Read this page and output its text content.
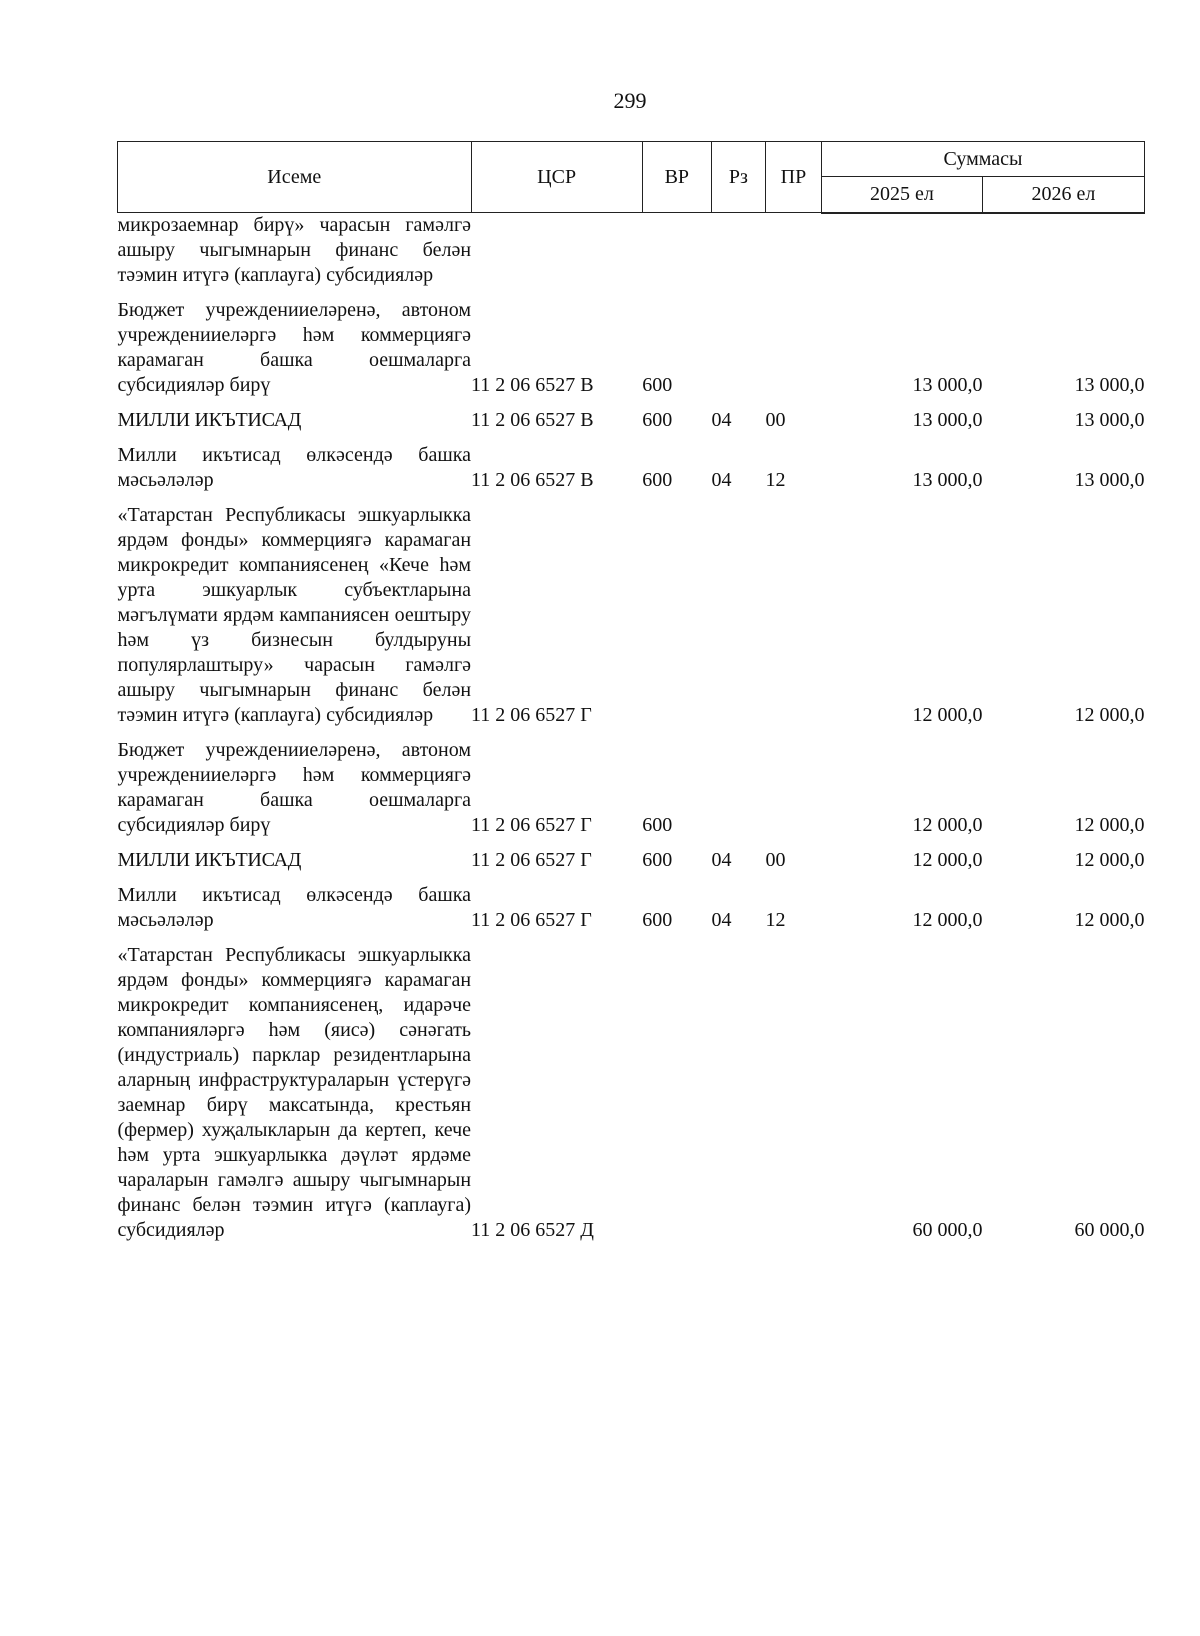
299
Исеме	ЦСР	ВР	Рз	ПР	Суммасы	
					2025 ел	2026 ел
микрозаемнар бирү» чарасын гамәлгә ашыру чыгымнарын финанс белән тәэмин итүгә (каплауга) субсидияләр						
Бюджет учрежденииеләренә, автоном учрежденииеләргә һәм коммерциягә карамаган башка оешмаларга субсидияләр бирү	11 2 06 6527 В	600			13 000,0	13 000,0
МИЛЛИ ИКЪТИСАД	11 2 06 6527 В	600	04	00	13 000,0	13 000,0
Милли икътисад өлкәсендә башка мәсьәләләр	11 2 06 6527 В	600	04	12	13 000,0	13 000,0
«Татарстан Республикасы эшкуарлыкка ярдәм фонды» коммерциягә карамаган микрокредит компаниясенең «Кече һәм урта эшкуарлык субъектларына мәгълүмати ярдәм кампаниясен оештыру һәм үз бизнесын булдыруны популярлаштыру» чарасын гамәлгә ашыру чыгымнарын финанс белән тәэмин итүгә (каплауга) субсидияләр	11 2 06 6527 Г				12 000,0	12 000,0
Бюджет учрежденииеләренә, автоном учрежденииеләргә һәм коммерциягә карамаган башка оешмаларга субсидияләр бирү	11 2 06 6527 Г	600			12 000,0	12 000,0
МИЛЛИ ИКЪТИСАД	11 2 06 6527 Г	600	04	00	12 000,0	12 000,0
Милли икътисад өлкәсендә башка мәсьәләләр	11 2 06 6527 Г	600	04	12	12 000,0	12 000,0
«Татарстан Республикасы эшкуарлыкка ярдәм фонды» коммерциягә карамаган микрокредит компаниясенең, идарәче компанияләргә һәм (яисә) сәнәгать (индустриаль) парклар резидентларына аларның инфраструктураларын үстерүгә заемнар бирү максатында, крестьян (фермер) хуҗалыкларын да кертеп, кече һәм урта эшкуарлыкка дәүләт ярдәме чараларын гамәлгә ашыру чыгымнарын финанс белән тәэмин итүгә (каплауга) субсидияләр	11 2 06 6527 Д				60 000,0	60 000,0
